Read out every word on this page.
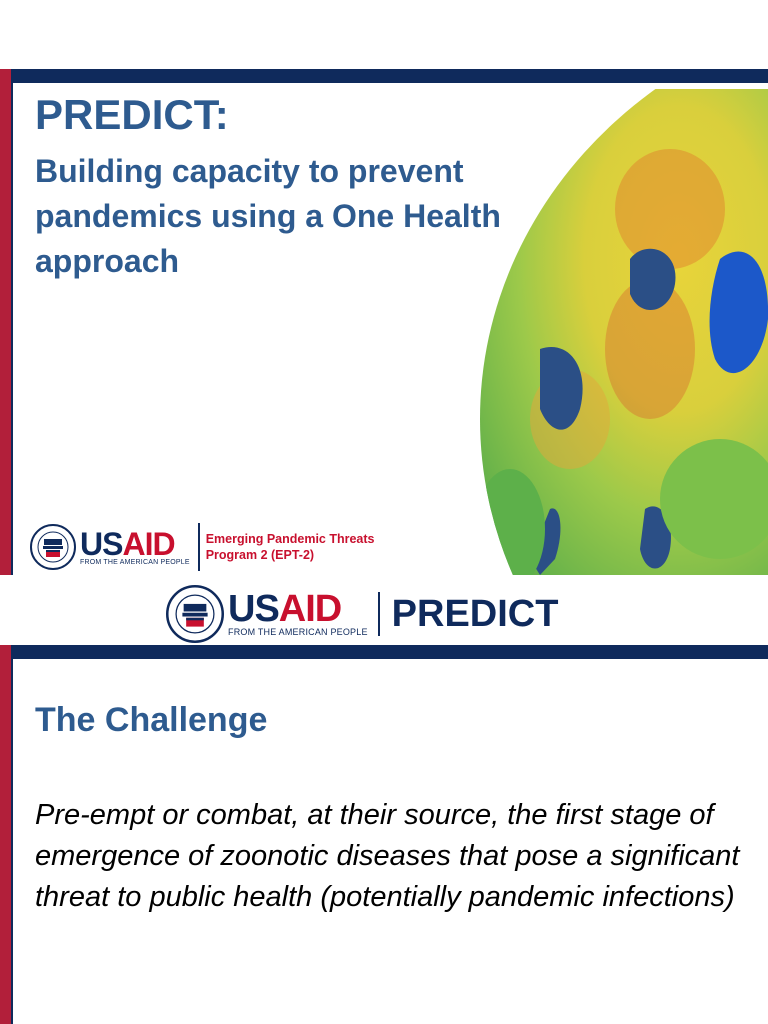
PREDICT:

Building capacity to prevent pandemics using a One Health approach

USAID
FROM THE AMERICAN PEOPLE
Emerging Pandemic Threats
Program 2 (EPT-2)
USAID
FROM THE AMERICAN PEOPLE PREDICT
The Challenge

Pre-empt or combat, at their source, the first stage of emergence of zoonotic diseases that pose a significant threat to public health (potentially pandemic infections)
